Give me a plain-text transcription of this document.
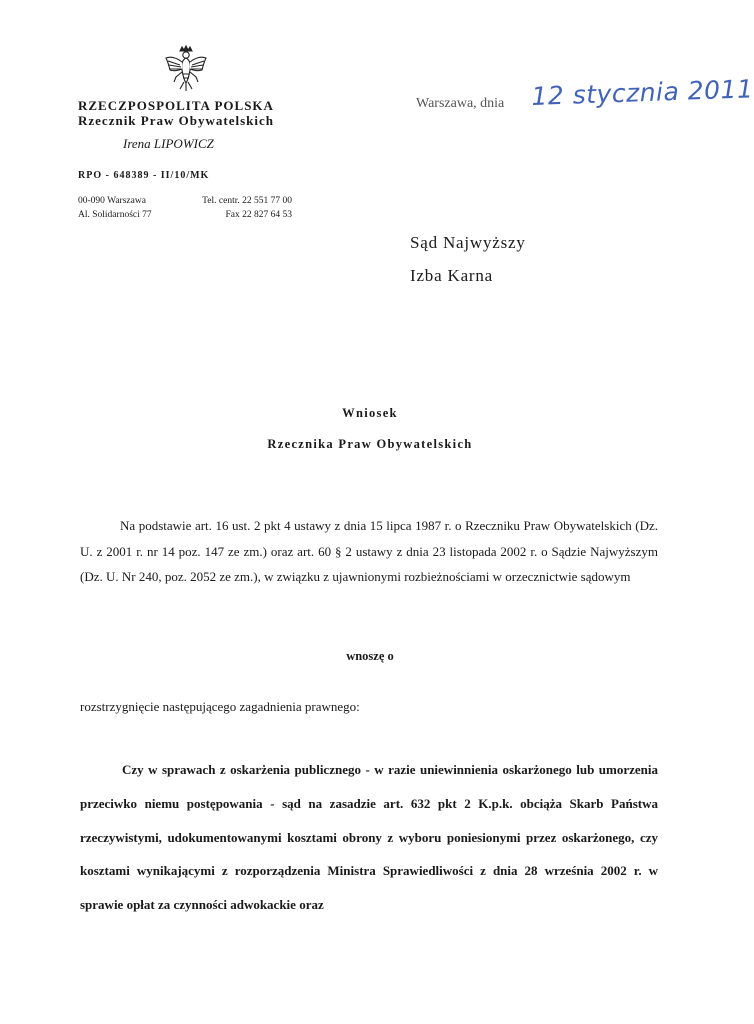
RZECZPOSPOLITA POLSKA
Rzecznik Praw Obywatelskich
Irena LIPOWICZ
RPO - 648389 - II/10/MK
00-090 Warszawa
Al. Solidarności 77
Tel. centr. 22 551 77 00
Fax 22 827 64 53
Warszawa, dnia 12 stycznia 2011
Sąd Najwyższy
Izba Karna
Wniosek
Rzecznika Praw Obywatelskich
Na podstawie art. 16 ust. 2 pkt 4 ustawy z dnia 15 lipca 1987 r. o Rzeczniku Praw Obywatelskich (Dz. U. z 2001 r. nr 14 poz. 147 ze zm.) oraz art. 60 § 2 ustawy z dnia 23 listopada 2002 r. o Sądzie Najwyższym (Dz. U. Nr 240, poz. 2052 ze zm.), w związku z ujawnionymi rozbieżnościami w orzecznictwie sądowym
wnoszę o
rozstrzygnięcie następującego zagadnienia prawnego:
Czy w sprawach z oskarżenia publicznego - w razie uniewinnienia oskarżonego lub umorzenia przeciwko niemu postępowania - sąd na zasadzie art. 632 pkt 2 K.p.k. obciąża Skarb Państwa rzeczywistymi, udokumentowanymi kosztami obrony z wyboru poniesionymi przez oskarżonego, czy kosztami wynikającymi z rozporządzenia Ministra Sprawiedliwości z dnia 28 września 2002 r. w sprawie opłat za czynności adwokackie oraz
